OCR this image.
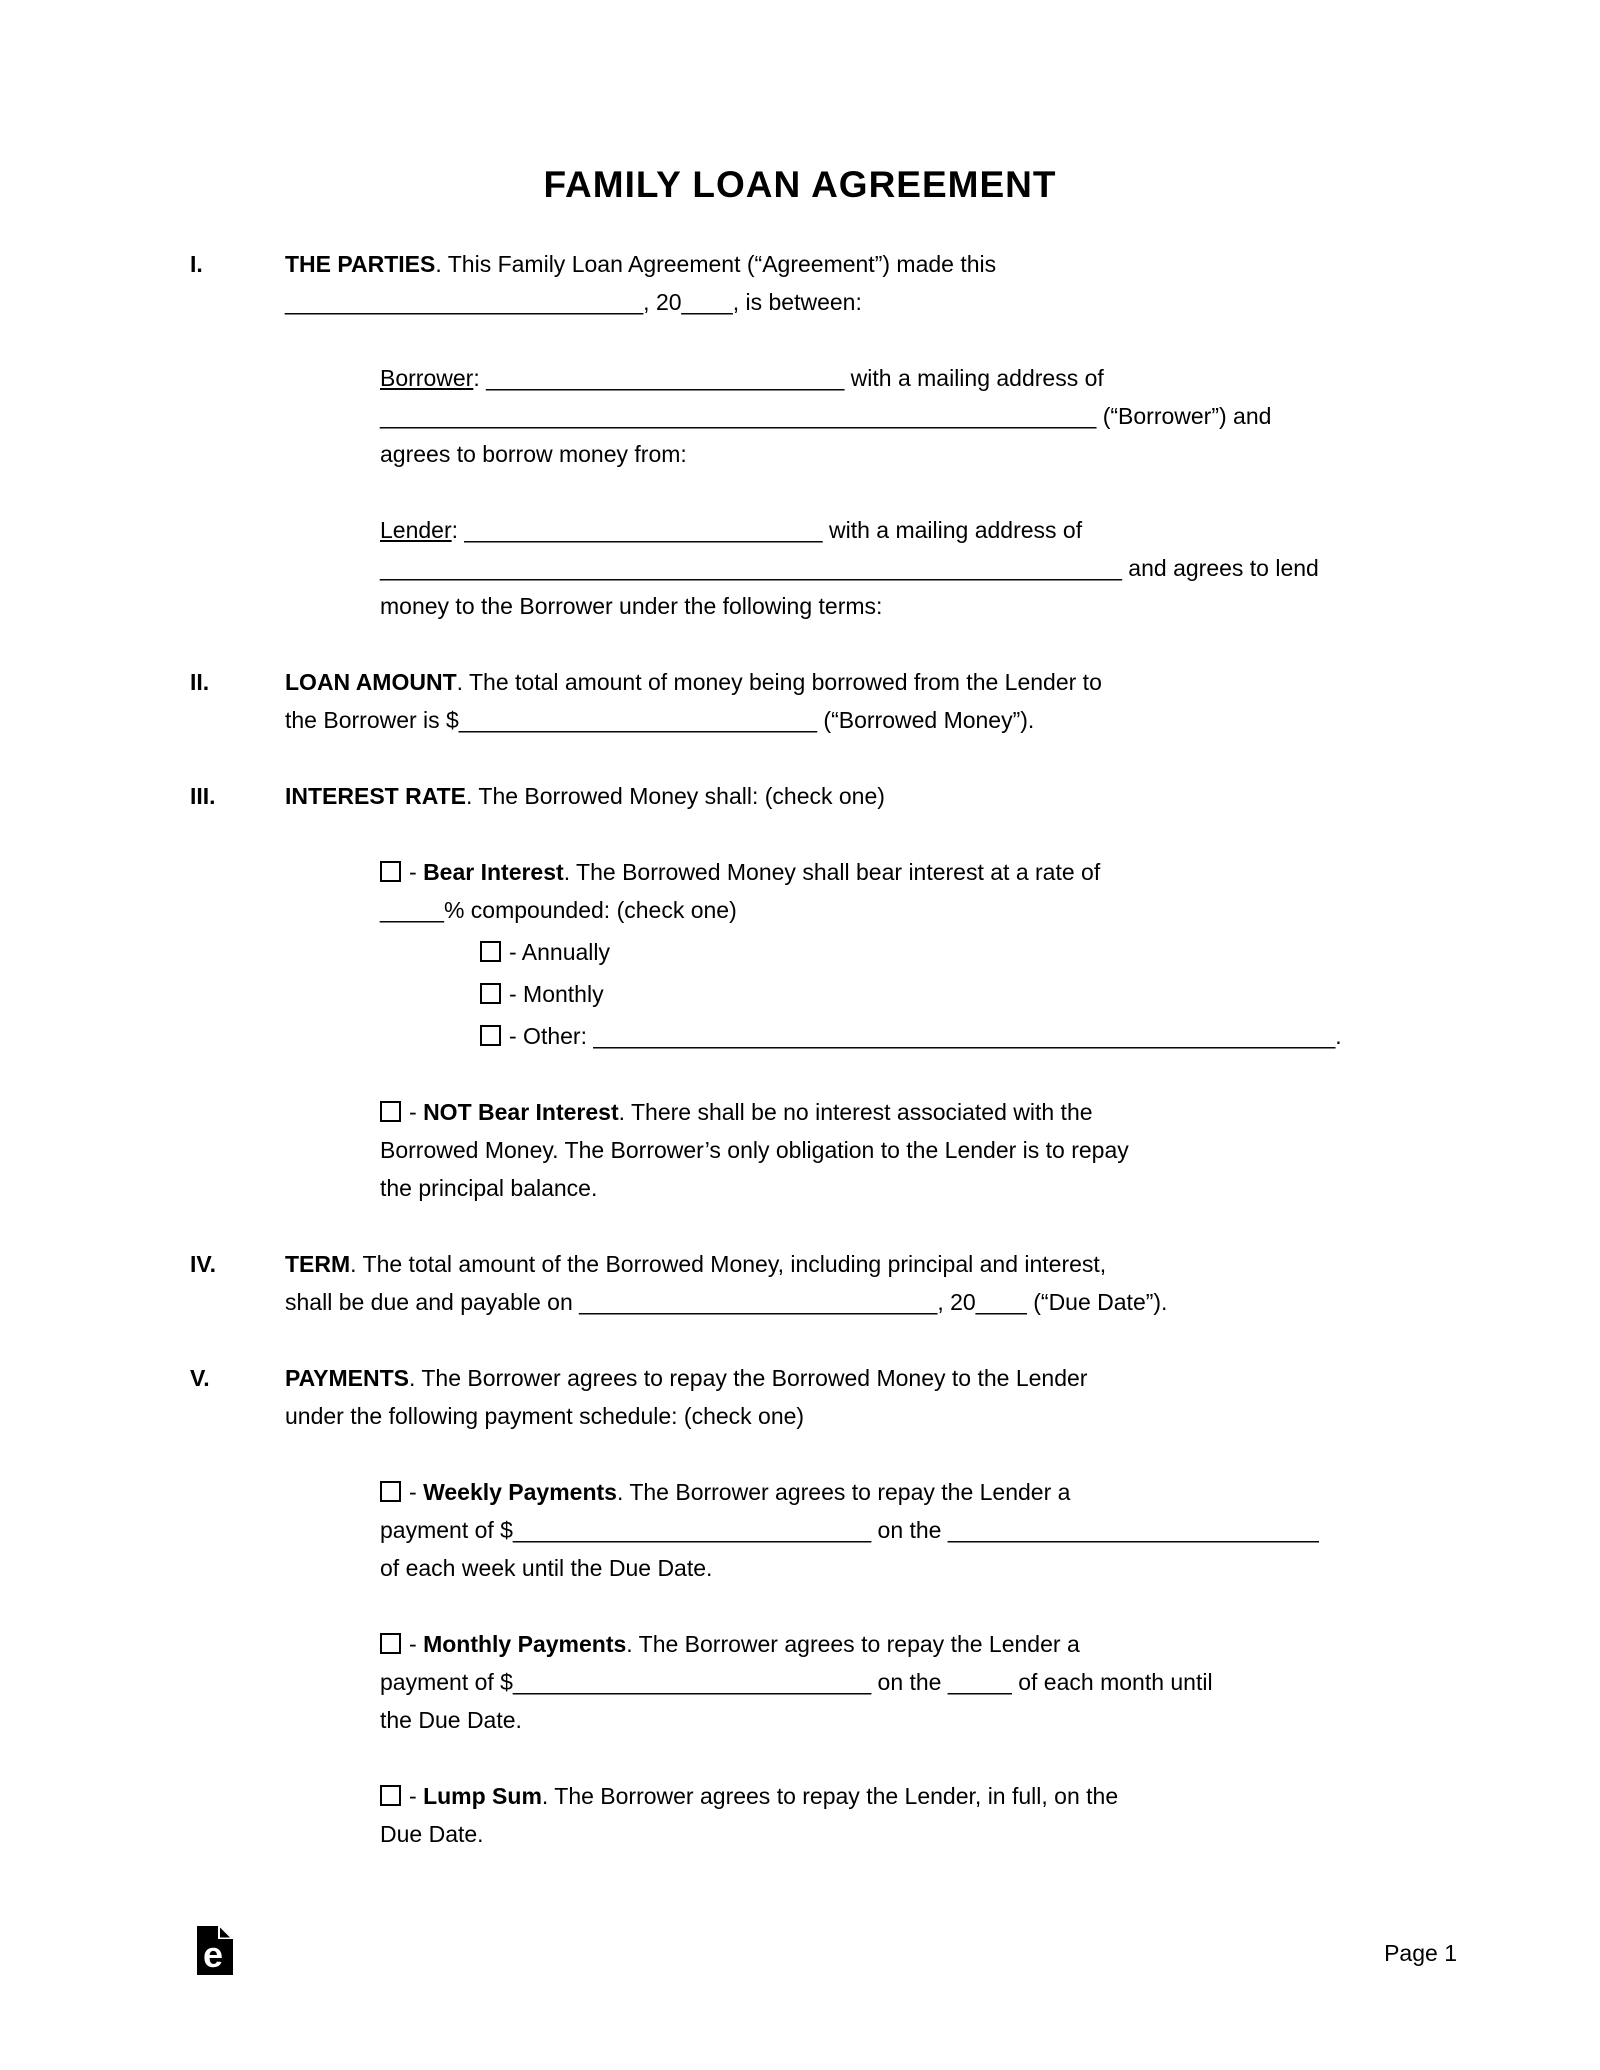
FAMILY LOAN AGREEMENT
I.	THE PARTIES. This Family Loan Agreement (“Agreement”) made this
____________________________, 20____, is between:
Borrower: ____________________________ with a mailing address of
________________________________________________________ (“Borrower”) and
agrees to borrow money from:
Lender: ____________________________ with a mailing address of
__________________________________________________________ and agrees to lend
money to the Borrower under the following terms:
II.	LOAN AMOUNT. The total amount of money being borrowed from the Lender to
the Borrower is $____________________________ (“Borrowed Money”).
III.	INTEREST RATE. The Borrowed Money shall: (check one)
- Bear Interest. The Borrowed Money shall bear interest at a rate of
_____% compounded: (check one)
- Annually
- Monthly
- Other: __________________________________________________________.
- NOT Bear Interest. There shall be no interest associated with the
Borrowed Money. The Borrower’s only obligation to the Lender is to repay
the principal balance.
IV.	TERM. The total amount of the Borrowed Money, including principal and interest,
shall be due and payable on ____________________________, 20____ (“Due Date”).
V.	PAYMENTS. The Borrower agrees to repay the Borrowed Money to the Lender
under the following payment schedule: (check one)
- Weekly Payments. The Borrower agrees to repay the Lender a
payment of $____________________________ on the _____________________________
of each week until the Due Date.
- Monthly Payments. The Borrower agrees to repay the Lender a
payment of $____________________________ on the _____ of each month until
the Due Date.
- Lump Sum. The Borrower agrees to repay the Lender, in full, on the
Due Date.
e	Page 1
